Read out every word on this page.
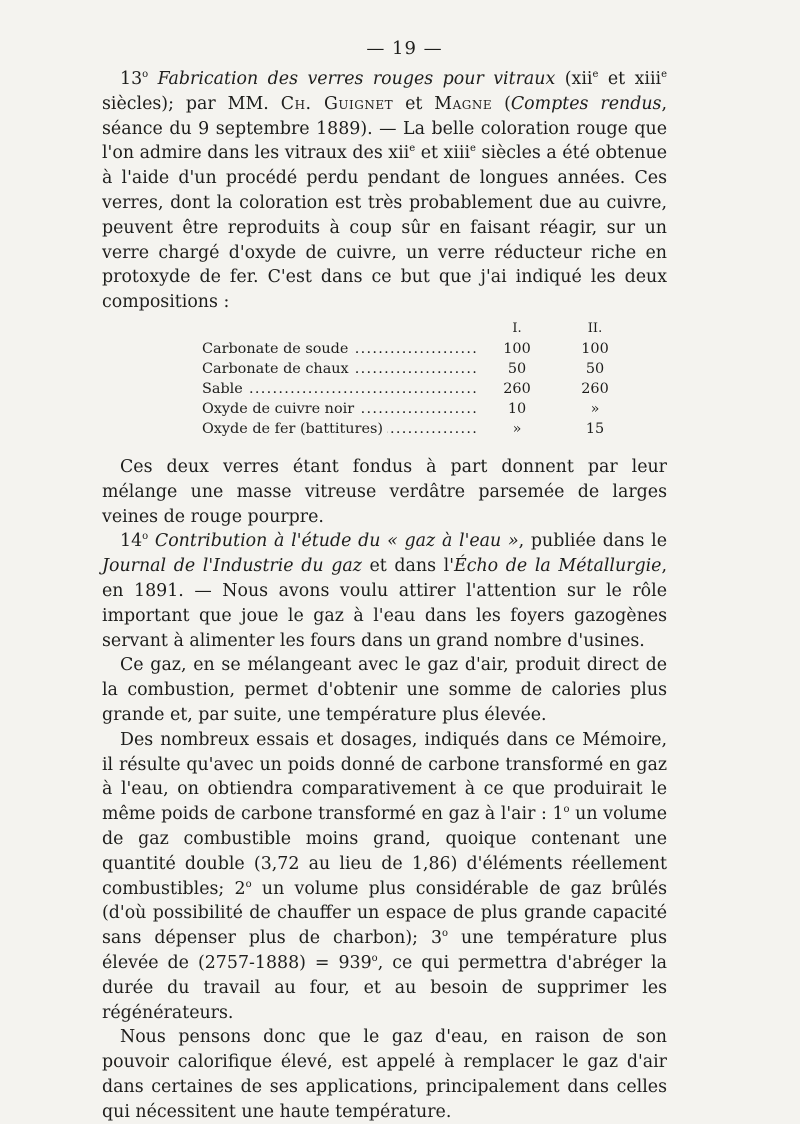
— 19 —

13$^o$ Fabrication des verres rouges pour vitraux (xii$^e$ et xiii$^e$ siècles); par MM. Ch. Guignet et Magne (Comptes rendus, séance du 9 septembre 1889). — La belle coloration rouge que l'on admire dans les vitraux des xii$^e$ et xiii$^e$ siècles a été obtenue à l'aide d'un procédé perdu pendant de longues années. Ces verres, dont la coloration est très probablement due au cuivre, peuvent être reproduits à coup sûr en faisant réagir, sur un verre chargé d'oxyde de cuivre, un verre réducteur riche en protoxyde de fer. C'est dans ce but que j'ai indiqué les deux compositions :

	I.	II.
Carbonate de soude .....	100	100
Carbonate de chaux .....	50	50
Sable .....	260	260
Oxyde de cuivre noir .....	10	»
Oxyde de fer (battitures) .....	»	15

Ces deux verres étant fondus à part donnent par leur mélange une masse vitreuse verdâtre parsemée de larges veines de rouge pourpre.

14$^o$ Contribution à l'étude du « gaz à l'eau », publiée dans le Journal de l'Industrie du gaz et dans l'Écho de la Métallurgie, en 1891. — Nous avons voulu attirer l'attention sur le rôle important que joue le gaz à l'eau dans les foyers gazogènes servant à alimenter les fours dans un grand nombre d'usines.

Ce gaz, en se mélangeant avec le gaz d'air, produit direct de la combustion, permet d'obtenir une somme de calories plus grande et, par suite, une température plus élevée.

Des nombreux essais et dosages, indiqués dans ce Mémoire, il résulte qu'avec un poids donné de carbone transformé en gaz à l'eau, on obtiendra comparativement à ce que produirait le même poids de carbone transformé en gaz à l'air : 1$^o$ un volume de gaz combustible moins grand, quoique contenant une quantité double (3,72 au lieu de 1,86) d'éléments réellement combustibles; 2$^o$ un volume plus considérable de gaz brûlés (d'où possibilité de chauffer un espace de plus grande capacité sans dépenser plus de charbon); 3$^o$ une température plus élevée de $(2757-1888) = 939^o$, ce qui permettra d'abréger la durée du travail au four, et au besoin de supprimer les régénérateurs.

Nous pensons donc que le gaz d'eau, en raison de son pouvoir calorifique élevé, est appelé à remplacer le gaz d'air dans certaines de ses applications, principalement dans celles qui nécessitent une haute température.
